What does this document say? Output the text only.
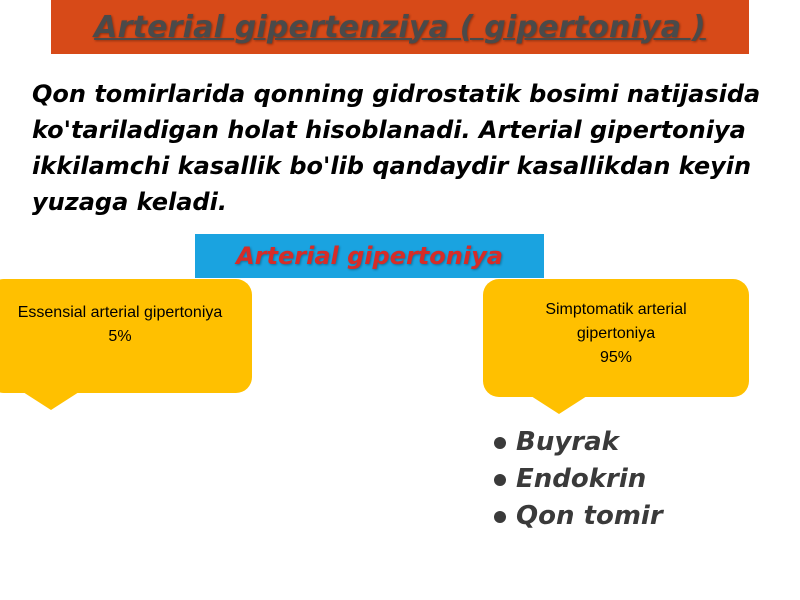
Arterial gipertenziya ( gipertoniya )

Qon tomirlarida qonning gidrostatik bosimi natijasida ko'tariladigan holat hisoblanadi. Arterial gipertoniya ikkilamchi kasallik bo'lib qandaydir kasallikdan keyin yuzaga keladi.

Arterial gipertoniya
Essensial arterial gipertoniya
5%
Simptomatik arterial
gipertoniya
95%
Buyrak
Endokrin
Qon tomir
